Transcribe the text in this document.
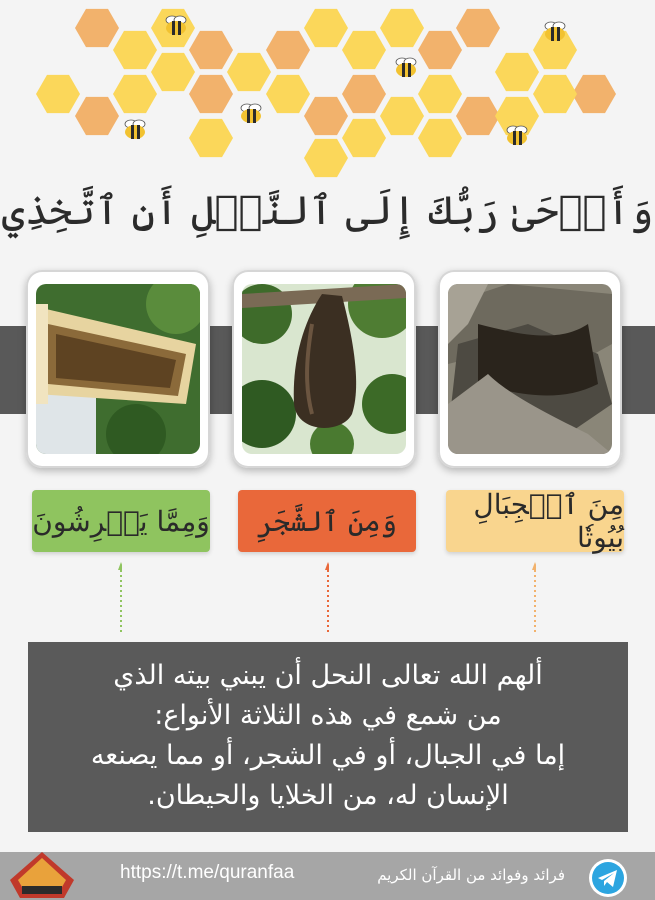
وَأَوۡحَىٰ رَبُّكَ إِلَى ٱلنَّحۡلِ أَنِ ٱتَّخِذِي
مِنَ ٱلۡجِبَالِ بُيُوتٗا
وَمِنَ ٱلشَّجَرِ
وَمِمَّا يَعۡرِشُونَ
ألهم الله تعالى النحل أن يبني بيته الذي
من شمع في هذه الثلاثة الأنواع:
إما في الجبال، أو في الشجر، أو مما يصنعه
الإنسان له، من الخلايا والحيطان.
https://t.me/quranfaa	فرائد وفوائد من القرآن الكريم
